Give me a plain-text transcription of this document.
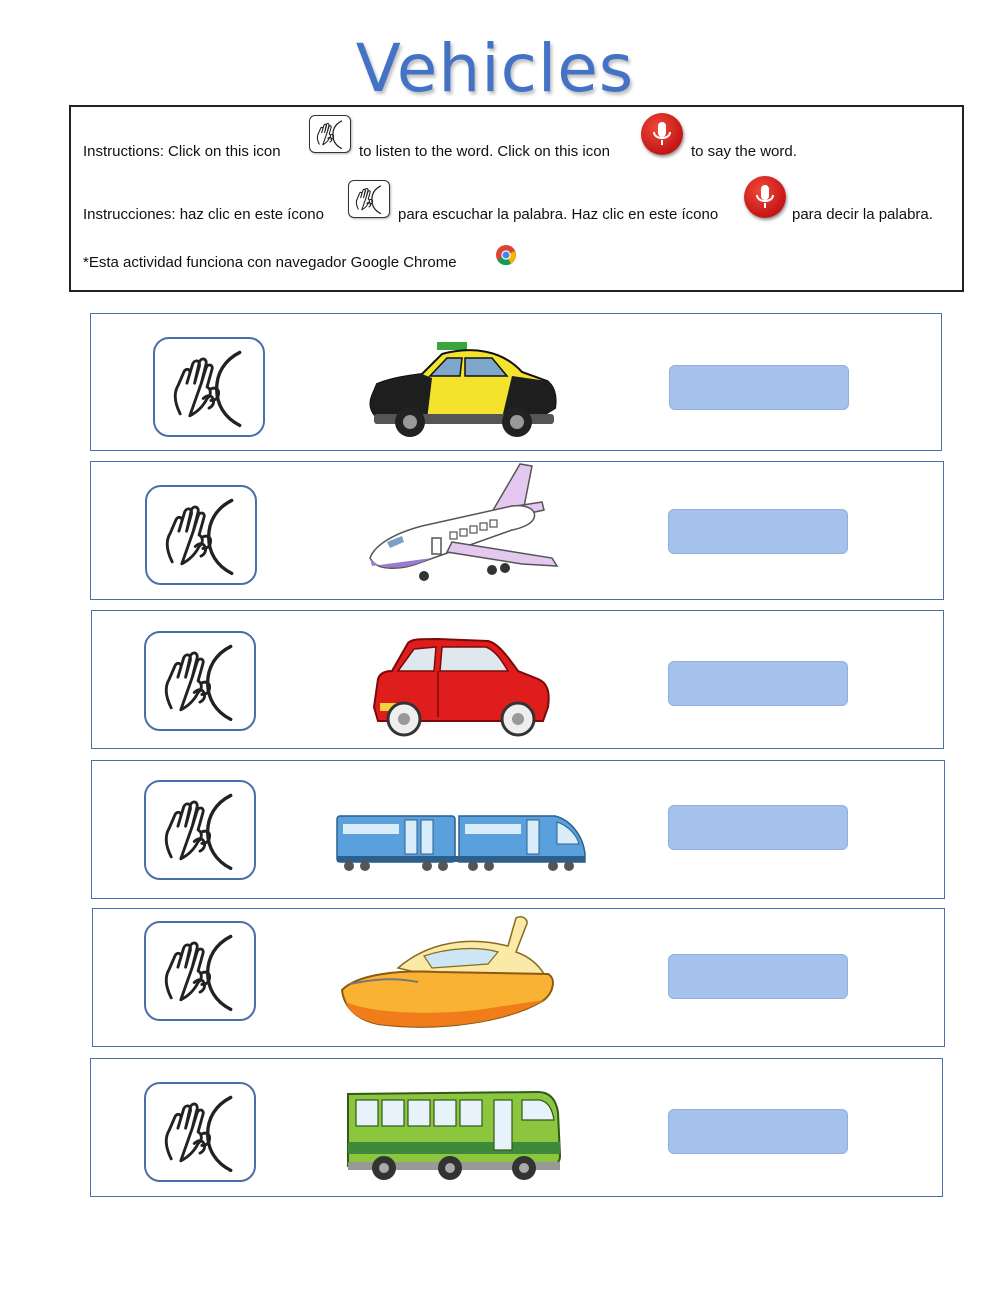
Vehicles
Instructions: Click on this icon	to listen to the word. Click on this icon	to say the word.
Instrucciones: haz clic en este ícono	para escuchar la palabra. Haz clic en este ícono	para decir la palabra.
*Esta actividad funciona con navegador Google Chrome
